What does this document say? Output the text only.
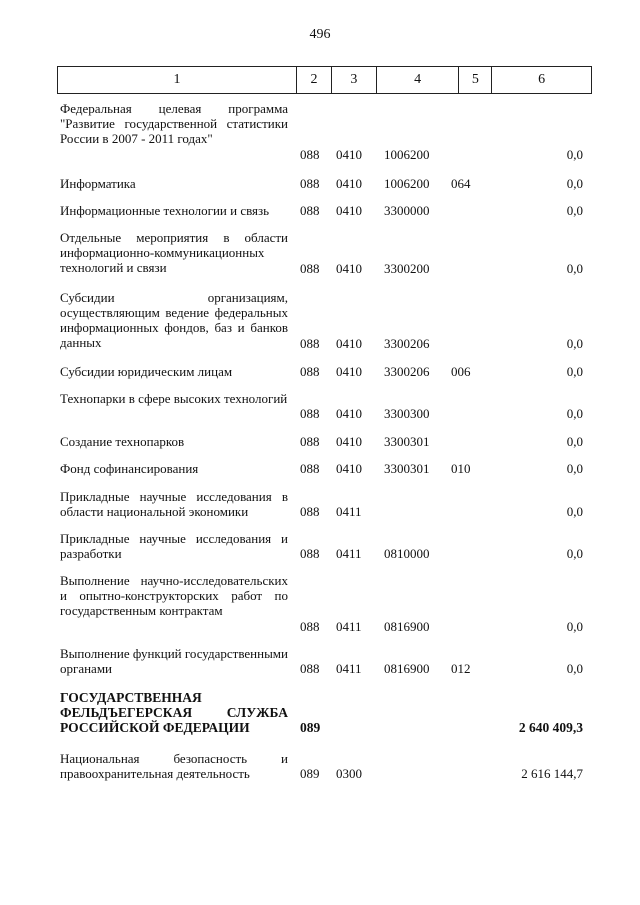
496
1	2	3	4	5	6
Федеральная целевая программа "Развитие государственной статистики России в 2007 - 2011 годах"
088 0410 1006200	0,0
Информатика	088 0410 1006200 064	0,0
Информационные технологии и связь	088 0410 3300000	0,0
Отдельные мероприятия в области информационно-коммуникационных технологий и связи	088 0410 3300200	0,0
Субсидии организациям, осуществляющим ведение федеральных информационных фондов, баз и банков данных	088 0410 3300206	0,0
Субсидии юридическим лицам	088 0410 3300206 006	0,0
Технопарки в сфере высоких технологий
088 0410 3300300	0,0
Создание технопарков	088 0410 3300301	0,0
Фонд софинансирования	088 0410 3300301 010	0,0
Прикладные научные исследования в области национальной экономики	088 0411	0,0
Прикладные научные исследования и разработки	088 0411 0810000	0,0
Выполнение научно-исследовательских и опытно-конструкторских работ по государственным контрактам
088 0411 0816900	0,0
Выполнение функций государственными органами	088 0411 0816900 012	0,0
ГОСУДАРСТВЕННАЯ ФЕЛЬДЪЕГЕРСКАЯ СЛУЖБА РОССИЙСКОЙ ФЕДЕРАЦИИ	089	2 640 409,3
Национальная безопасность и правоохранительная деятельность	089 0300	2 616 144,7
